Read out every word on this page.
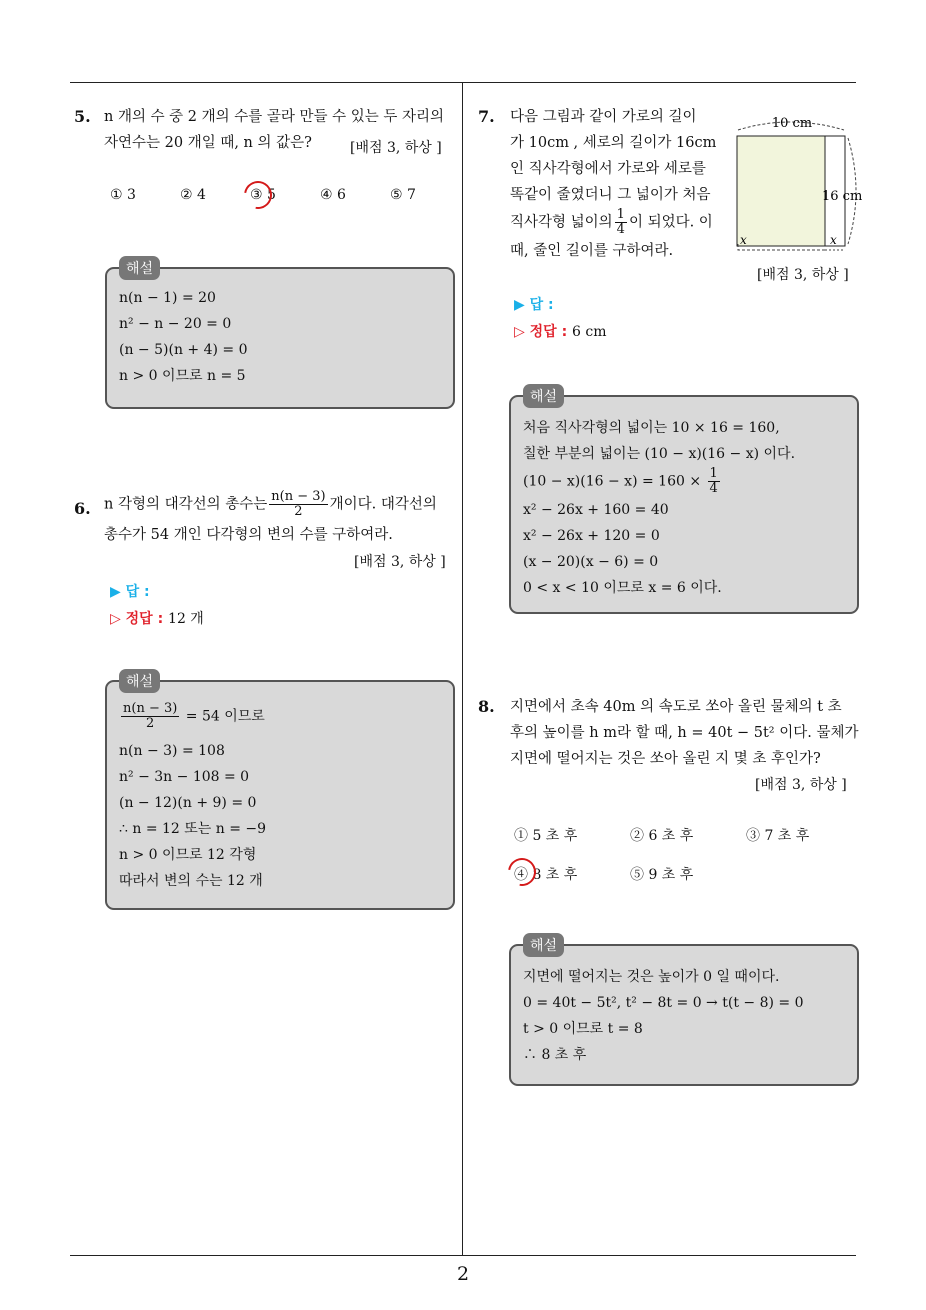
2
5. n 개의 수 중 2 개의 수를 골라 만들 수 있는 두 자리의
자연수는 20 개일 때, n 의 값은?	[배점 3, 하상 ]
① 3	② 4	③ 5	④ 6	⑤ 7
n(n − 1) = 20
n² − n − 20 = 0
(n − 5)(n + 4) = 0
n > 0 이므로 n = 5
해설
6. n 각형의 대각선의 총수는 $\frac{n(n - 3)}{2}$ 개이다. 대각선의
총수가 54 개인 다각형의 변의 수를 구하여라.
[배점 3, 하상 ]
▶ 답 :
▷ 정답 : 12 개
$\frac{n(n - 3)}{2} = 54$ 이므로
n(n − 3) = 108
n² − 3n − 108 = 0
(n − 12)(n + 9) = 0
∴ n = 12 또는 n = −9
n > 0 이므로 12 각형
따라서 변의 수는 12 개
해설
7. 다음 그림과 같이 가로의 길이
가 10cm , 세로의 길이가 16cm
인 직사각형에서 가로와 세로를
똑같이 줄였더니 그 넓이가 처음
직사각형 넓이의 $\frac{1}{4}$ 이 되었다. 이
때, 줄인 길이를 구하여라.
10 cm
16 cm
x	x
[배점 3, 하상 ]
▶ 답 :
▷ 정답 : 6 cm
처음 직사각형의 넓이는 10 × 16 = 160,
칠한 부분의 넓이는 (10 − x)(16 − x) 이다.
$(10 - x)(16 - x) = 160 \times \frac{1}{4}$
x² − 26x + 160 = 40
x² − 26x + 120 = 0
(x − 20)(x − 6) = 0
0 < x < 10 이므로 x = 6 이다.
해설
8. 지면에서 초속 40m 의 속도로 쏘아 올린 물체의 t 초
후의 높이를 h m라 할 때, h = 40t − 5t² 이다. 물체가
지면에 떨어지는 것은 쏘아 올린 지 몇 초 후인가?
[배점 3, 하상 ]
① 5 초 후	② 6 초 후	③ 7 초 후
④ 8 초 후	⑤ 9 초 후
지면에 떨어지는 것은 높이가 0 일 때이다.
0 = 40t − 5t², t² − 8t = 0 → t(t − 8) = 0
t > 0 이므로 t = 8
∴ 8 초 후
해설
